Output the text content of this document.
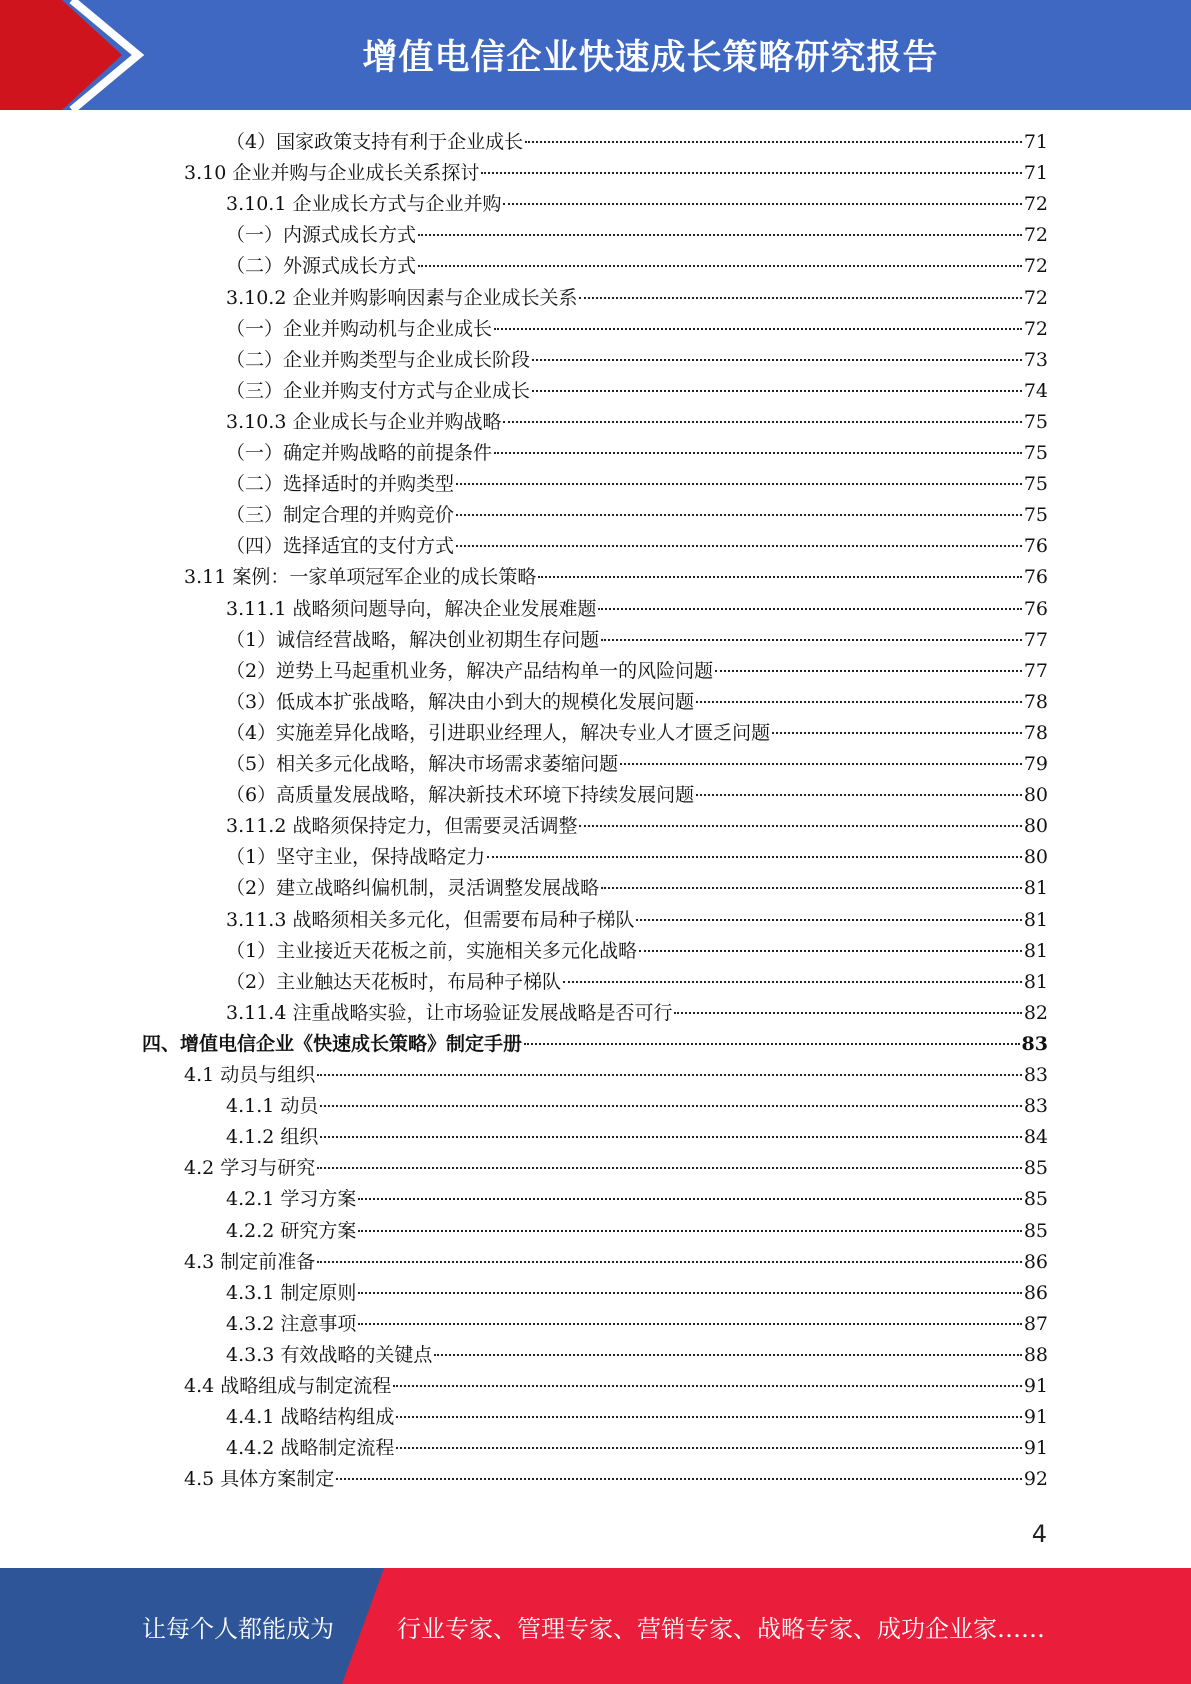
增值电信企业快速成长策略研究报告
（4）国家政策支持有利于企业成长	71
3.10 企业并购与企业成长关系探讨	71
3.10.1 企业成长方式与企业并购	72
（一）内源式成长方式	72
（二）外源式成长方式	72
3.10.2 企业并购影响因素与企业成长关系	72
（一）企业并购动机与企业成长	72
（二）企业并购类型与企业成长阶段	73
（三）企业并购支付方式与企业成长	74
3.10.3 企业成长与企业并购战略	75
（一）确定并购战略的前提条件	75
（二）选择适时的并购类型	75
（三）制定合理的并购竞价	75
（四）选择适宜的支付方式	76
3.11 案例：一家单项冠军企业的成长策略	76
3.11.1 战略须问题导向，解决企业发展难题	76
（1）诚信经营战略，解决创业初期生存问题	77
（2）逆势上马起重机业务，解决产品结构单一的风险问题	77
（3）低成本扩张战略，解决由小到大的规模化发展问题	78
（4）实施差异化战略，引进职业经理人，解决专业人才匮乏问题	78
（5）相关多元化战略，解决市场需求萎缩问题	79
（6）高质量发展战略，解决新技术环境下持续发展问题	80
3.11.2 战略须保持定力，但需要灵活调整	80
（1）坚守主业，保持战略定力	80
（2）建立战略纠偏机制，灵活调整发展战略	81
3.11.3 战略须相关多元化，但需要布局种子梯队	81
（1）主业接近天花板之前，实施相关多元化战略	81
（2）主业触达天花板时，布局种子梯队	81
3.11.4 注重战略实验，让市场验证发展战略是否可行	82
四、增值电信企业《快速成长策略》制定手册	83
4.1 动员与组织	83
4.1.1 动员	83
4.1.2 组织	84
4.2 学习与研究	85
4.2.1 学习方案	85
4.2.2 研究方案	85
4.3 制定前准备	86
4.3.1 制定原则	86
4.3.2 注意事项	87
4.3.3 有效战略的关键点	88
4.4 战略组成与制定流程	91
4.4.1 战略结构组成	91
4.4.2 战略制定流程	91
4.5 具体方案制定	92
4
让每个人都能成为	行业专家、管理专家、营销专家、战略专家、成功企业家……
